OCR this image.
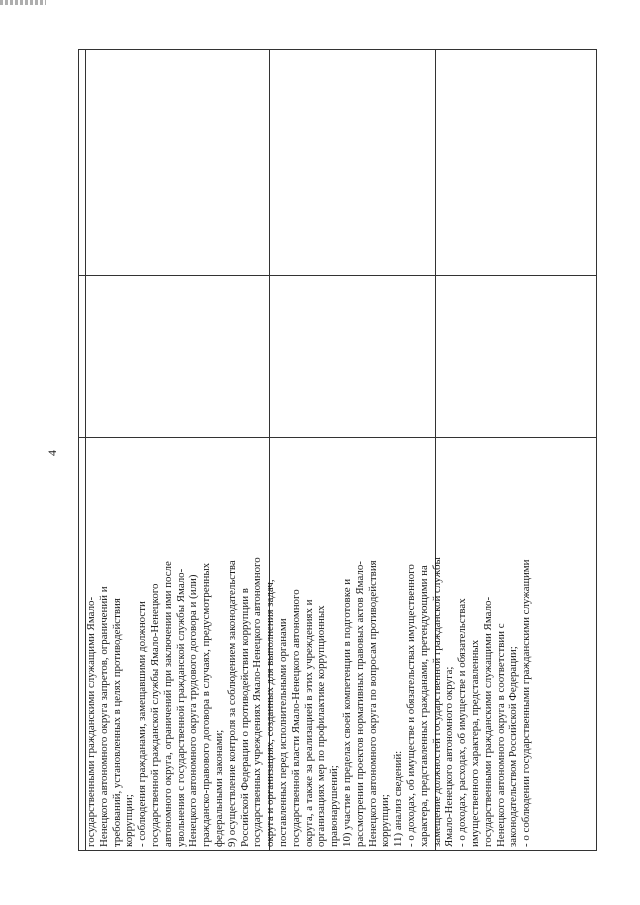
4
государственными гражданскими служащими Ямало- Ненецкого автономного округа запретов, ограничений и требований, установленных в целях противодействия коррупции; - соблюдения гражданами, замещавшими должности государственной гражданской службы Ямало-Ненецкого автономного округа, ограничений при заключении ими после увольнения с государственной гражданской службы Ямало- Ненецкого автономного округа трудового договора и (или) гражданско-правового договора в случаях, предусмотренных федеральными законами; 9) осуществление контроля за соблюдением законодательства Российской Федерации о противодействии коррупции в государственных учреждениях Ямало-Ненецкого автономного округа и организациях, созданных для выполнения задач, поставленных перед исполнительными органами государственной власти Ямало-Ненецкого автономного округа, а также за реализацией в этих учреждениях и организациях мер по профилактике коррупционных правонарушений; 10) участие в пределах своей компетенции в подготовке и рассмотрении проектов нормативных правовых актов Ямало- Ненецкого автономного округа по вопросам противодействия коррупции; 11) анализ сведений: - о доходах, об имуществе и обязательствах имущественного характера, представленных гражданами, претендующими на замещение должностей государственной гражданской службы Ямало-Ненецкого автономного округа; - о доходах, расходах, об имуществе и обязательствах имущественного характера, представленных государственными гражданскими служащими Ямало- Ненецкого автономного округа в соответствии с законодательством Российской Федерации; - о соблюдении государственными гражданскими служащими
